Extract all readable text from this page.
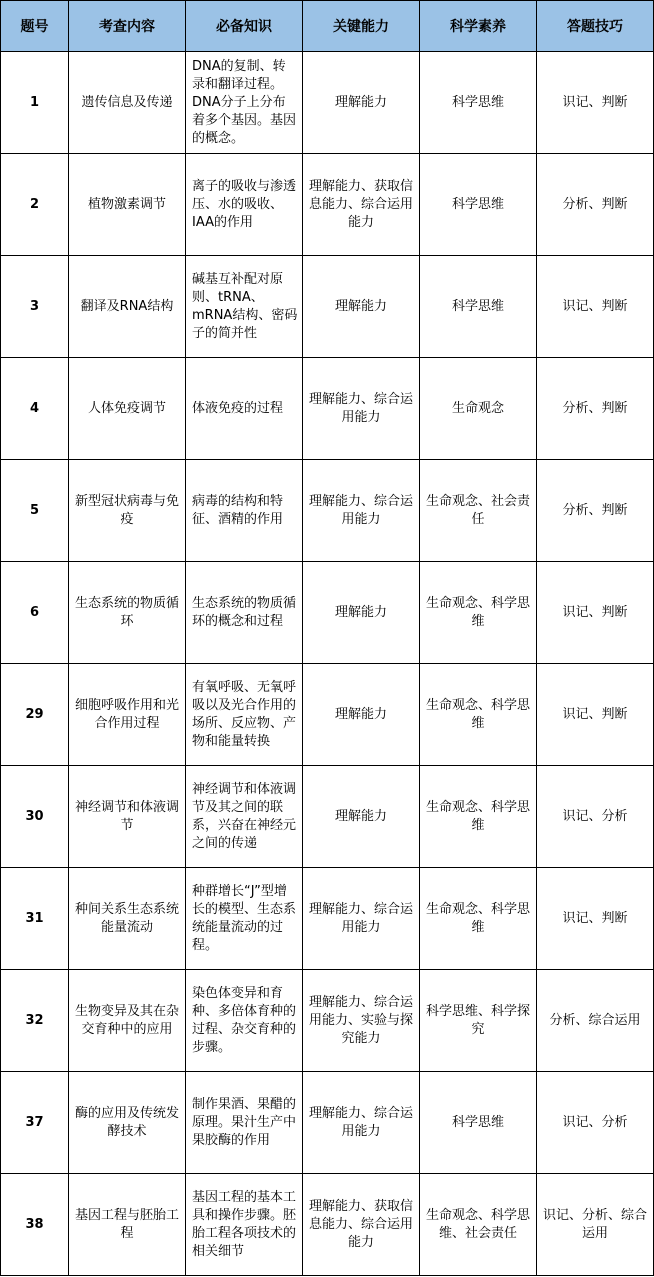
题号	考查内容	必备知识	关键能力	科学素养	答题技巧
1	遗传信息及传递	DNA的复制、转录和翻译过程。DNA分子上分布着多个基因。基因的概念。	理解能力	科学思维	识记、判断
2	植物激素调节	离子的吸收与渗透压、水的吸收、IAA的作用	理解能力、获取信息能力、综合运用能力	科学思维	分析、判断
3	翻译及RNA结构	碱基互补配对原则、tRNA、mRNA结构、密码子的简并性	理解能力	科学思维	识记、判断
4	人体免疫调节	体液免疫的过程	理解能力、综合运用能力	生命观念	分析、判断
5	新型冠状病毒与免疫	病毒的结构和特征、酒精的作用	理解能力、综合运用能力	生命观念、社会责任	分析、判断
6	生态系统的物质循环	生态系统的物质循环的概念和过程	理解能力	生命观念、科学思维	识记、判断
29	细胞呼吸作用和光合作用过程	有氧呼吸、无氧呼吸以及光合作用的场所、反应物、产物和能量转换	理解能力	生命观念、科学思维	识记、判断
30	神经调节和体液调节	神经调节和体液调节及其之间的联系，兴奋在神经元之间的传递	理解能力	生命观念、科学思维	识记、分析
31	种间关系生态系统能量流动	种群增长“J”型增长的模型、生态系统能量流动的过程。	理解能力、综合运用能力	生命观念、科学思维	识记、判断
32	生物变异及其在杂交育种中的应用	染色体变异和育种、多倍体育种的过程、杂交育种的步骤。	理解能力、综合运用能力、实验与探究能力	科学思维、科学探究	分析、综合运用
37	酶的应用及传统发酵技术	制作果酒、果醋的原理。果汁生产中果胶酶的作用	理解能力、综合运用能力	科学思维	识记、分析
38	基因工程与胚胎工程	基因工程的基本工具和操作步骤。胚胎工程各项技术的相关细节	理解能力、获取信息能力、综合运用能力	生命观念、科学思维、社会责任	识记、分析、综合运用
